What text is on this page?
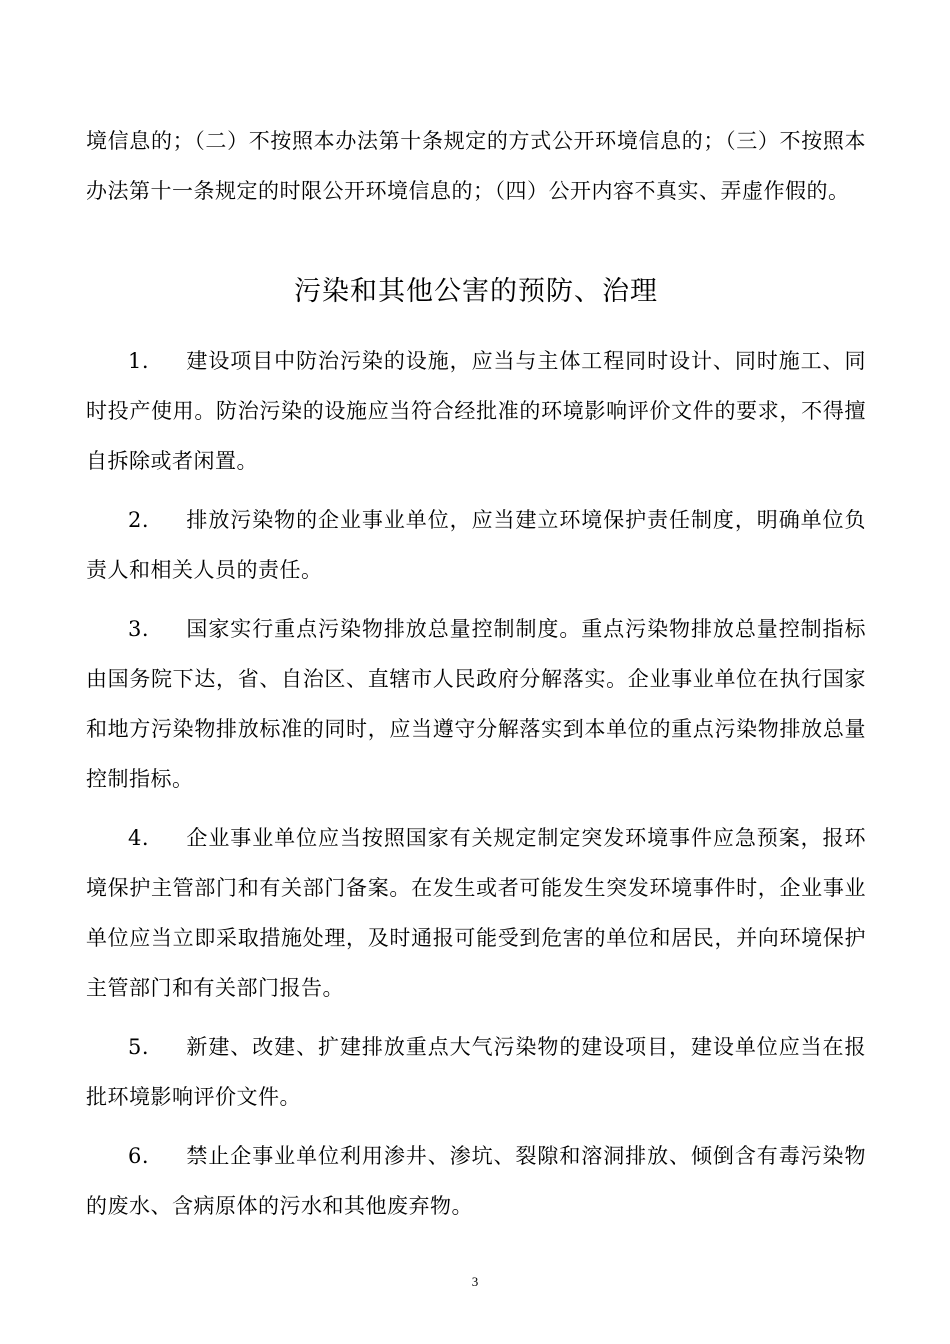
境信息的；（二）不按照本办法第十条规定的方式公开环境信息的；（三）不按照本办法第十一条规定的时限公开环境信息的；（四）公开内容不真实、弄虚作假的。

污染和其他公害的预防、治理

1. 建设项目中防治污染的设施，应当与主体工程同时设计、同时施工、同时投产使用。防治污染的设施应当符合经批准的环境影响评价文件的要求，不得擅自拆除或者闲置。

2. 排放污染物的企业事业单位，应当建立环境保护责任制度，明确单位负责人和相关人员的责任。

3. 国家实行重点污染物排放总量控制制度。重点污染物排放总量控制指标由国务院下达，省、自治区、直辖市人民政府分解落实。企业事业单位在执行国家和地方污染物排放标准的同时，应当遵守分解落实到本单位的重点污染物排放总量控制指标。

4. 企业事业单位应当按照国家有关规定制定突发环境事件应急预案，报环境保护主管部门和有关部门备案。在发生或者可能发生突发环境事件时，企业事业单位应当立即采取措施处理，及时通报可能受到危害的单位和居民，并向环境保护主管部门和有关部门报告。

5. 新建、改建、扩建排放重点大气污染物的建设项目，建设单位应当在报批环境影响评价文件。

6. 禁止企事业单位利用渗井、渗坑、裂隙和溶洞排放、倾倒含有毒污染物的废水、含病原体的污水和其他废弃物。

3
